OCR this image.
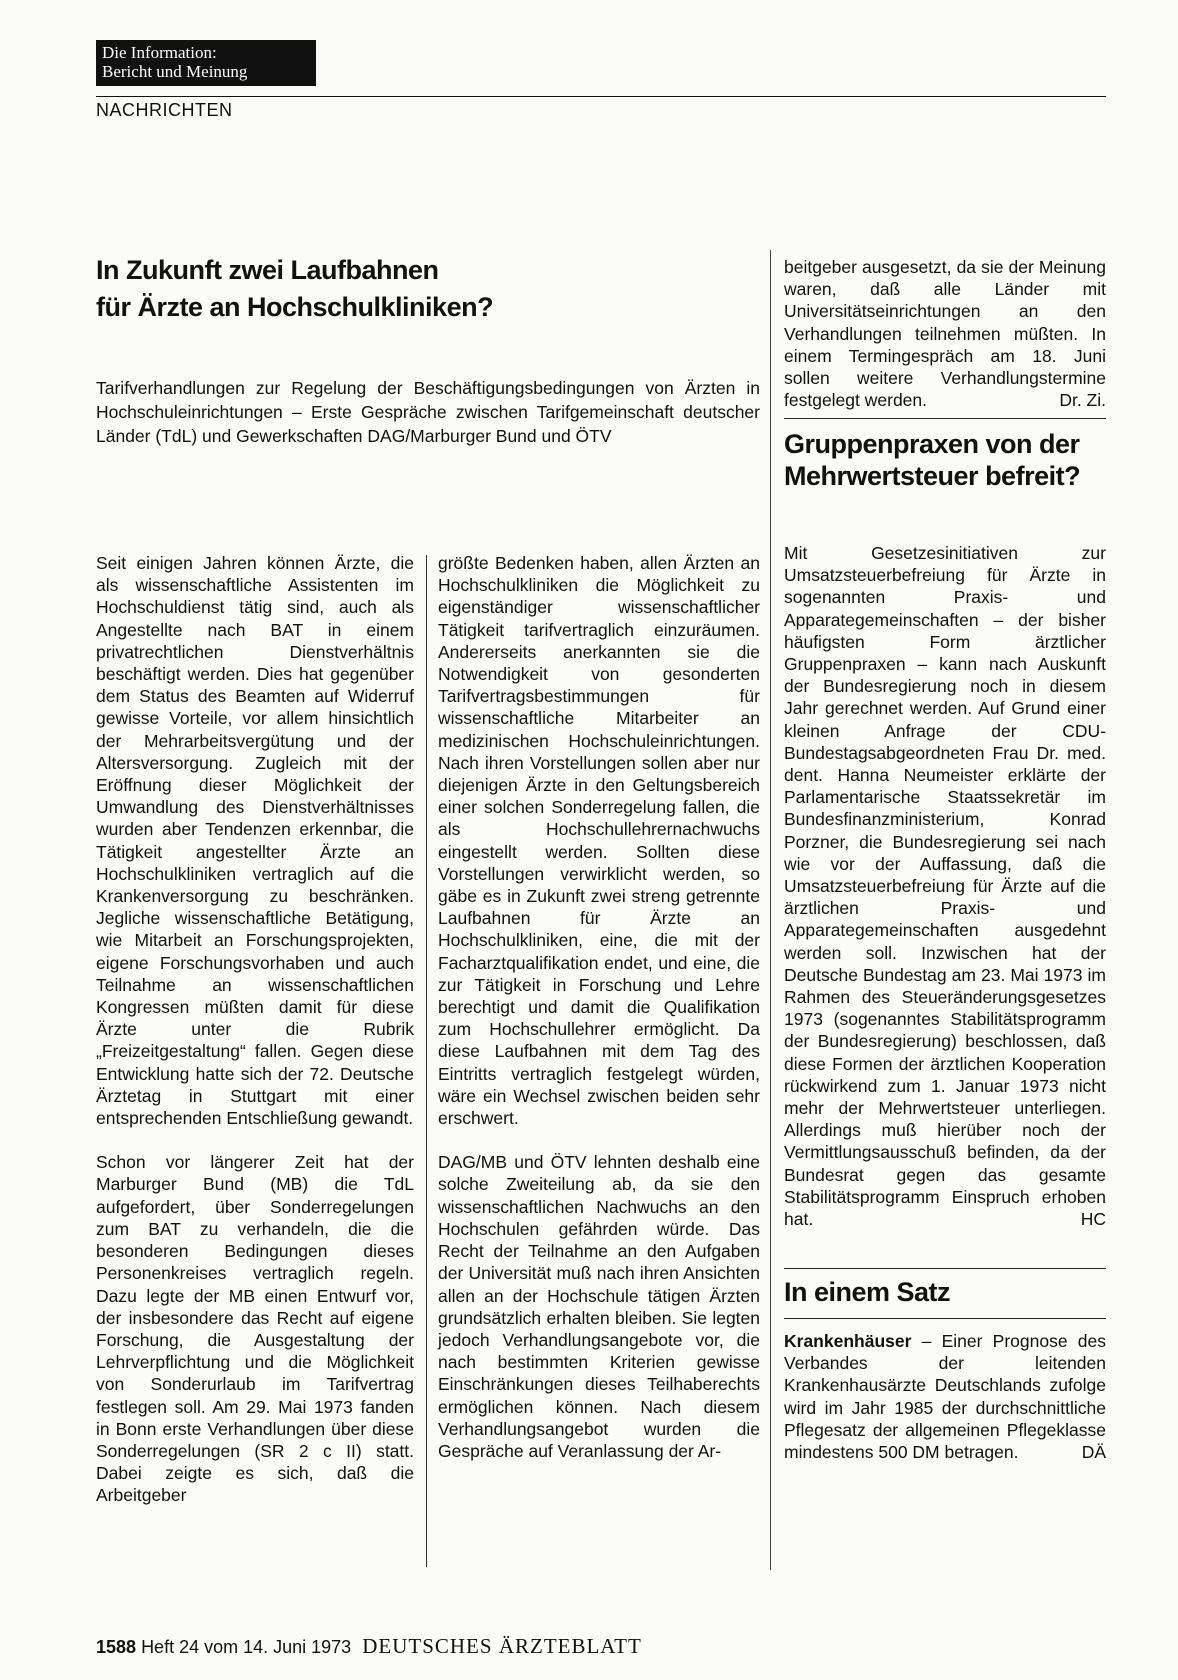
Die Information:
Bericht und Meinung
NACHRICHTEN
In Zukunft zwei Laufbahnen
für Ärzte an Hochschulkliniken?
Tarifverhandlungen zur Regelung der Beschäftigungsbedingungen von Ärzten in Hochschuleinrichtungen – Erste Gespräche zwischen Tarifgemeinschaft deutscher Länder (TdL) und Gewerkschaften DAG/Marburger Bund und ÖTV

Seit einigen Jahren können Ärzte, die als wissenschaftliche Assistenten im Hochschuldienst tätig sind, auch als Angestellte nach BAT in einem privatrechtlichen Dienstverhältnis beschäftigt werden. Dies hat gegenüber dem Status des Beamten auf Widerruf gewisse Vorteile, vor allem hinsichtlich der Mehrarbeitsvergütung und der Altersversorgung. Zugleich mit der Eröffnung dieser Möglichkeit der Umwandlung des Dienstverhältnisses wurden aber Tendenzen erkennbar, die Tätigkeit angestellter Ärzte an Hochschulkliniken vertraglich auf die Krankenversorgung zu beschränken. Jegliche wissenschaftliche Betätigung, wie Mitarbeit an Forschungsprojekten, eigene Forschungsvorhaben und auch Teilnahme an wissenschaftlichen Kongressen müßten damit für diese Ärzte unter die Rubrik „Freizeitgestaltung“ fallen. Gegen diese Entwicklung hatte sich der 72. Deutsche Ärztetag in Stuttgart mit einer entsprechenden Entschließung gewandt.

Schon vor längerer Zeit hat der Marburger Bund (MB) die TdL aufgefordert, über Sonderregelungen zum BAT zu verhandeln, die die besonderen Bedingungen dieses Personenkreises vertraglich regeln. Dazu legte der MB einen Entwurf vor, der insbesondere das Recht auf eigene Forschung, die Ausgestaltung der Lehrverpflichtung und die Möglichkeit von Sonderurlaub im Tarifvertrag festlegen soll. Am 29. Mai 1973 fanden in Bonn erste Verhandlungen über diese Sonderregelungen (SR 2 c II) statt. Dabei zeigte es sich, daß die Arbeitgeber

größte Bedenken haben, allen Ärzten an Hochschulkliniken die Möglichkeit zu eigenständiger wissenschaftlicher Tätigkeit tarifvertraglich einzuräumen. Andererseits anerkannten sie die Notwendigkeit von gesonderten Tarifvertragsbestimmungen für wissenschaftliche Mitarbeiter an medizinischen Hochschuleinrichtungen. Nach ihren Vorstellungen sollen aber nur diejenigen Ärzte in den Geltungsbereich einer solchen Sonderregelung fallen, die als Hochschullehrernachwuchs eingestellt werden. Sollten diese Vorstellungen verwirklicht werden, so gäbe es in Zukunft zwei streng getrennte Laufbahnen für Ärzte an Hochschulkliniken, eine, die mit der Facharztqualifikation endet, und eine, die zur Tätigkeit in Forschung und Lehre berechtigt und damit die Qualifikation zum Hochschullehrer ermöglicht. Da diese Laufbahnen mit dem Tag des Eintritts vertraglich festgelegt würden, wäre ein Wechsel zwischen beiden sehr erschwert.

DAG/MB und ÖTV lehnten deshalb eine solche Zweiteilung ab, da sie den wissenschaftlichen Nachwuchs an den Hochschulen gefährden würde. Das Recht der Teilnahme an den Aufgaben der Universität muß nach ihren Ansichten allen an der Hochschule tätigen Ärzten grundsätzlich erhalten bleiben. Sie legten jedoch Verhandlungsangebote vor, die nach bestimmten Kriterien gewisse Einschränkungen dieses Teilhaberechts ermöglichen können. Nach diesem Verhandlungsangebot wurden die Gespräche auf Veranlassung der Ar-

beitgeber ausgesetzt, da sie der Meinung waren, daß alle Länder mit Universitätseinrichtungen an den Verhandlungen teilnehmen müßten. In einem Termingespräch am 18. Juni sollen weitere Verhandlungstermine festgelegt werden.	Dr. Zi.

Gruppenpraxen von der Mehrwertsteuer befreit?

Mit Gesetzesinitiativen zur Umsatzsteuerbefreiung für Ärzte in sogenannten Praxis- und Apparategemeinschaften – der bisher häufigsten Form ärztlicher Gruppenpraxen – kann nach Auskunft der Bundesregierung noch in diesem Jahr gerechnet werden. Auf Grund einer kleinen Anfrage der CDU-Bundestagsabgeordneten Frau Dr. med. dent. Hanna Neumeister erklärte der Parlamentarische Staatssekretär im Bundesfinanzministerium, Konrad Porzner, die Bundesregierung sei nach wie vor der Auffassung, daß die Umsatzsteuerbefreiung für Ärzte auf die ärztlichen Praxis- und Apparategemeinschaften ausgedehnt werden soll. Inzwischen hat der Deutsche Bundestag am 23. Mai 1973 im Rahmen des Steueränderungsgesetzes 1973 (sogenanntes Stabilitätsprogramm der Bundesregierung) beschlossen, daß diese Formen der ärztlichen Kooperation rückwirkend zum 1. Januar 1973 nicht mehr der Mehrwertsteuer unterliegen. Allerdings muß hierüber noch der Vermittlungsausschuß befinden, da der Bundesrat gegen das gesamte Stabilitätsprogramm Einspruch erhoben hat.	HC

In einem Satz

Krankenhäuser – Einer Prognose des Verbandes der leitenden Krankenhausärzte Deutschlands zufolge wird im Jahr 1985 der durchschnittliche Pflegesatz der allgemeinen Pflegeklasse mindestens 500 DM betragen.	DÄ

1588 Heft 24 vom 14. Juni 1973 DEUTSCHES ÄRZTEBLATT
